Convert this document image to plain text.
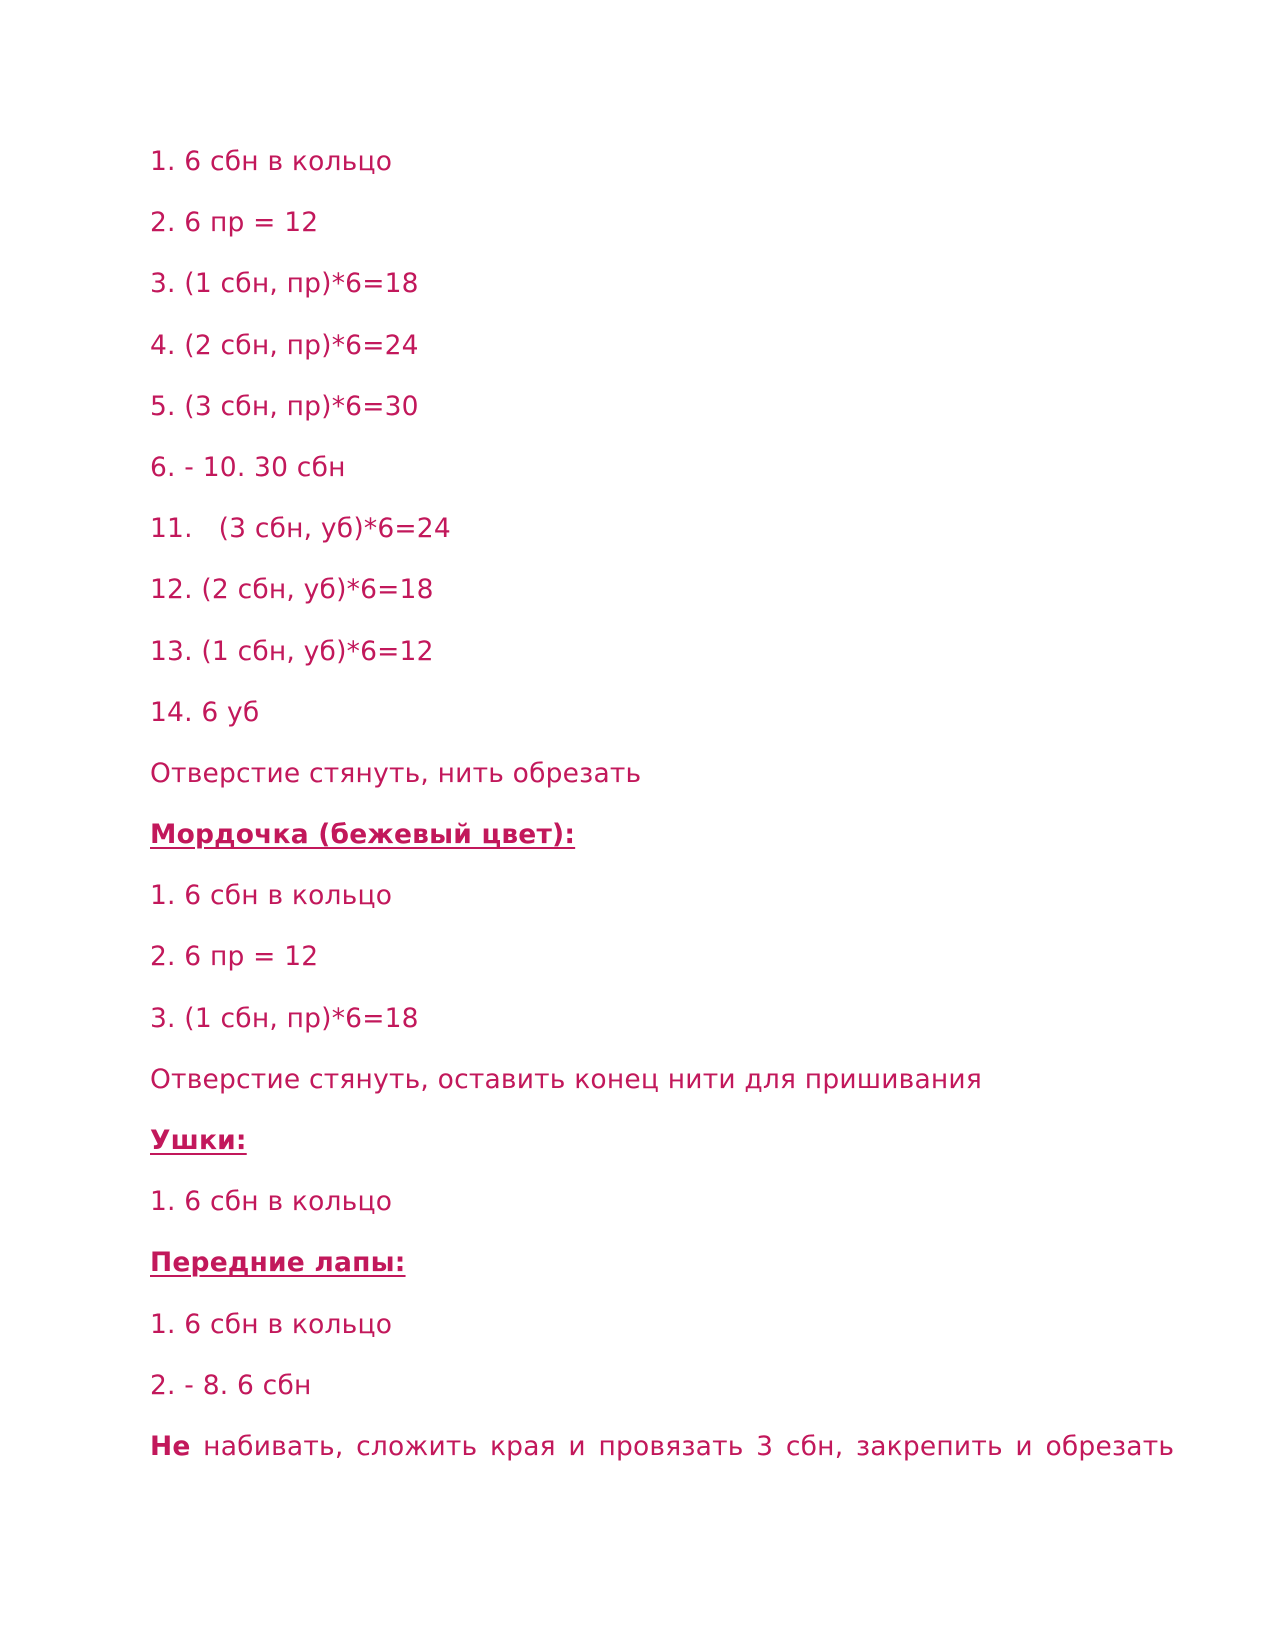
1. 6 сбн в кольцо
2. 6 пр = 12
3. (1 сбн, пр)*6=18
4. (2 сбн, пр)*6=24
5. (3 сбн, пр)*6=30
6. - 10. 30 сбн
11.   (3 сбн, уб)*6=24
12. (2 сбн, уб)*6=18
13. (1 сбн, уб)*6=12
14. 6 уб
Отверстие стянуть, нить обрезать
Мордочка (бежевый цвет):
1. 6 сбн в кольцо
2. 6 пр = 12
3. (1 сбн, пр)*6=18
Отверстие стянуть, оставить конец нити для пришивания
Ушки:
1. 6 сбн в кольцо
Передние лапы:
1. 6 сбн в кольцо
2. - 8. 6 сбн
Не набивать, сложить края и провязать 3 сбн, закрепить и обрезать
